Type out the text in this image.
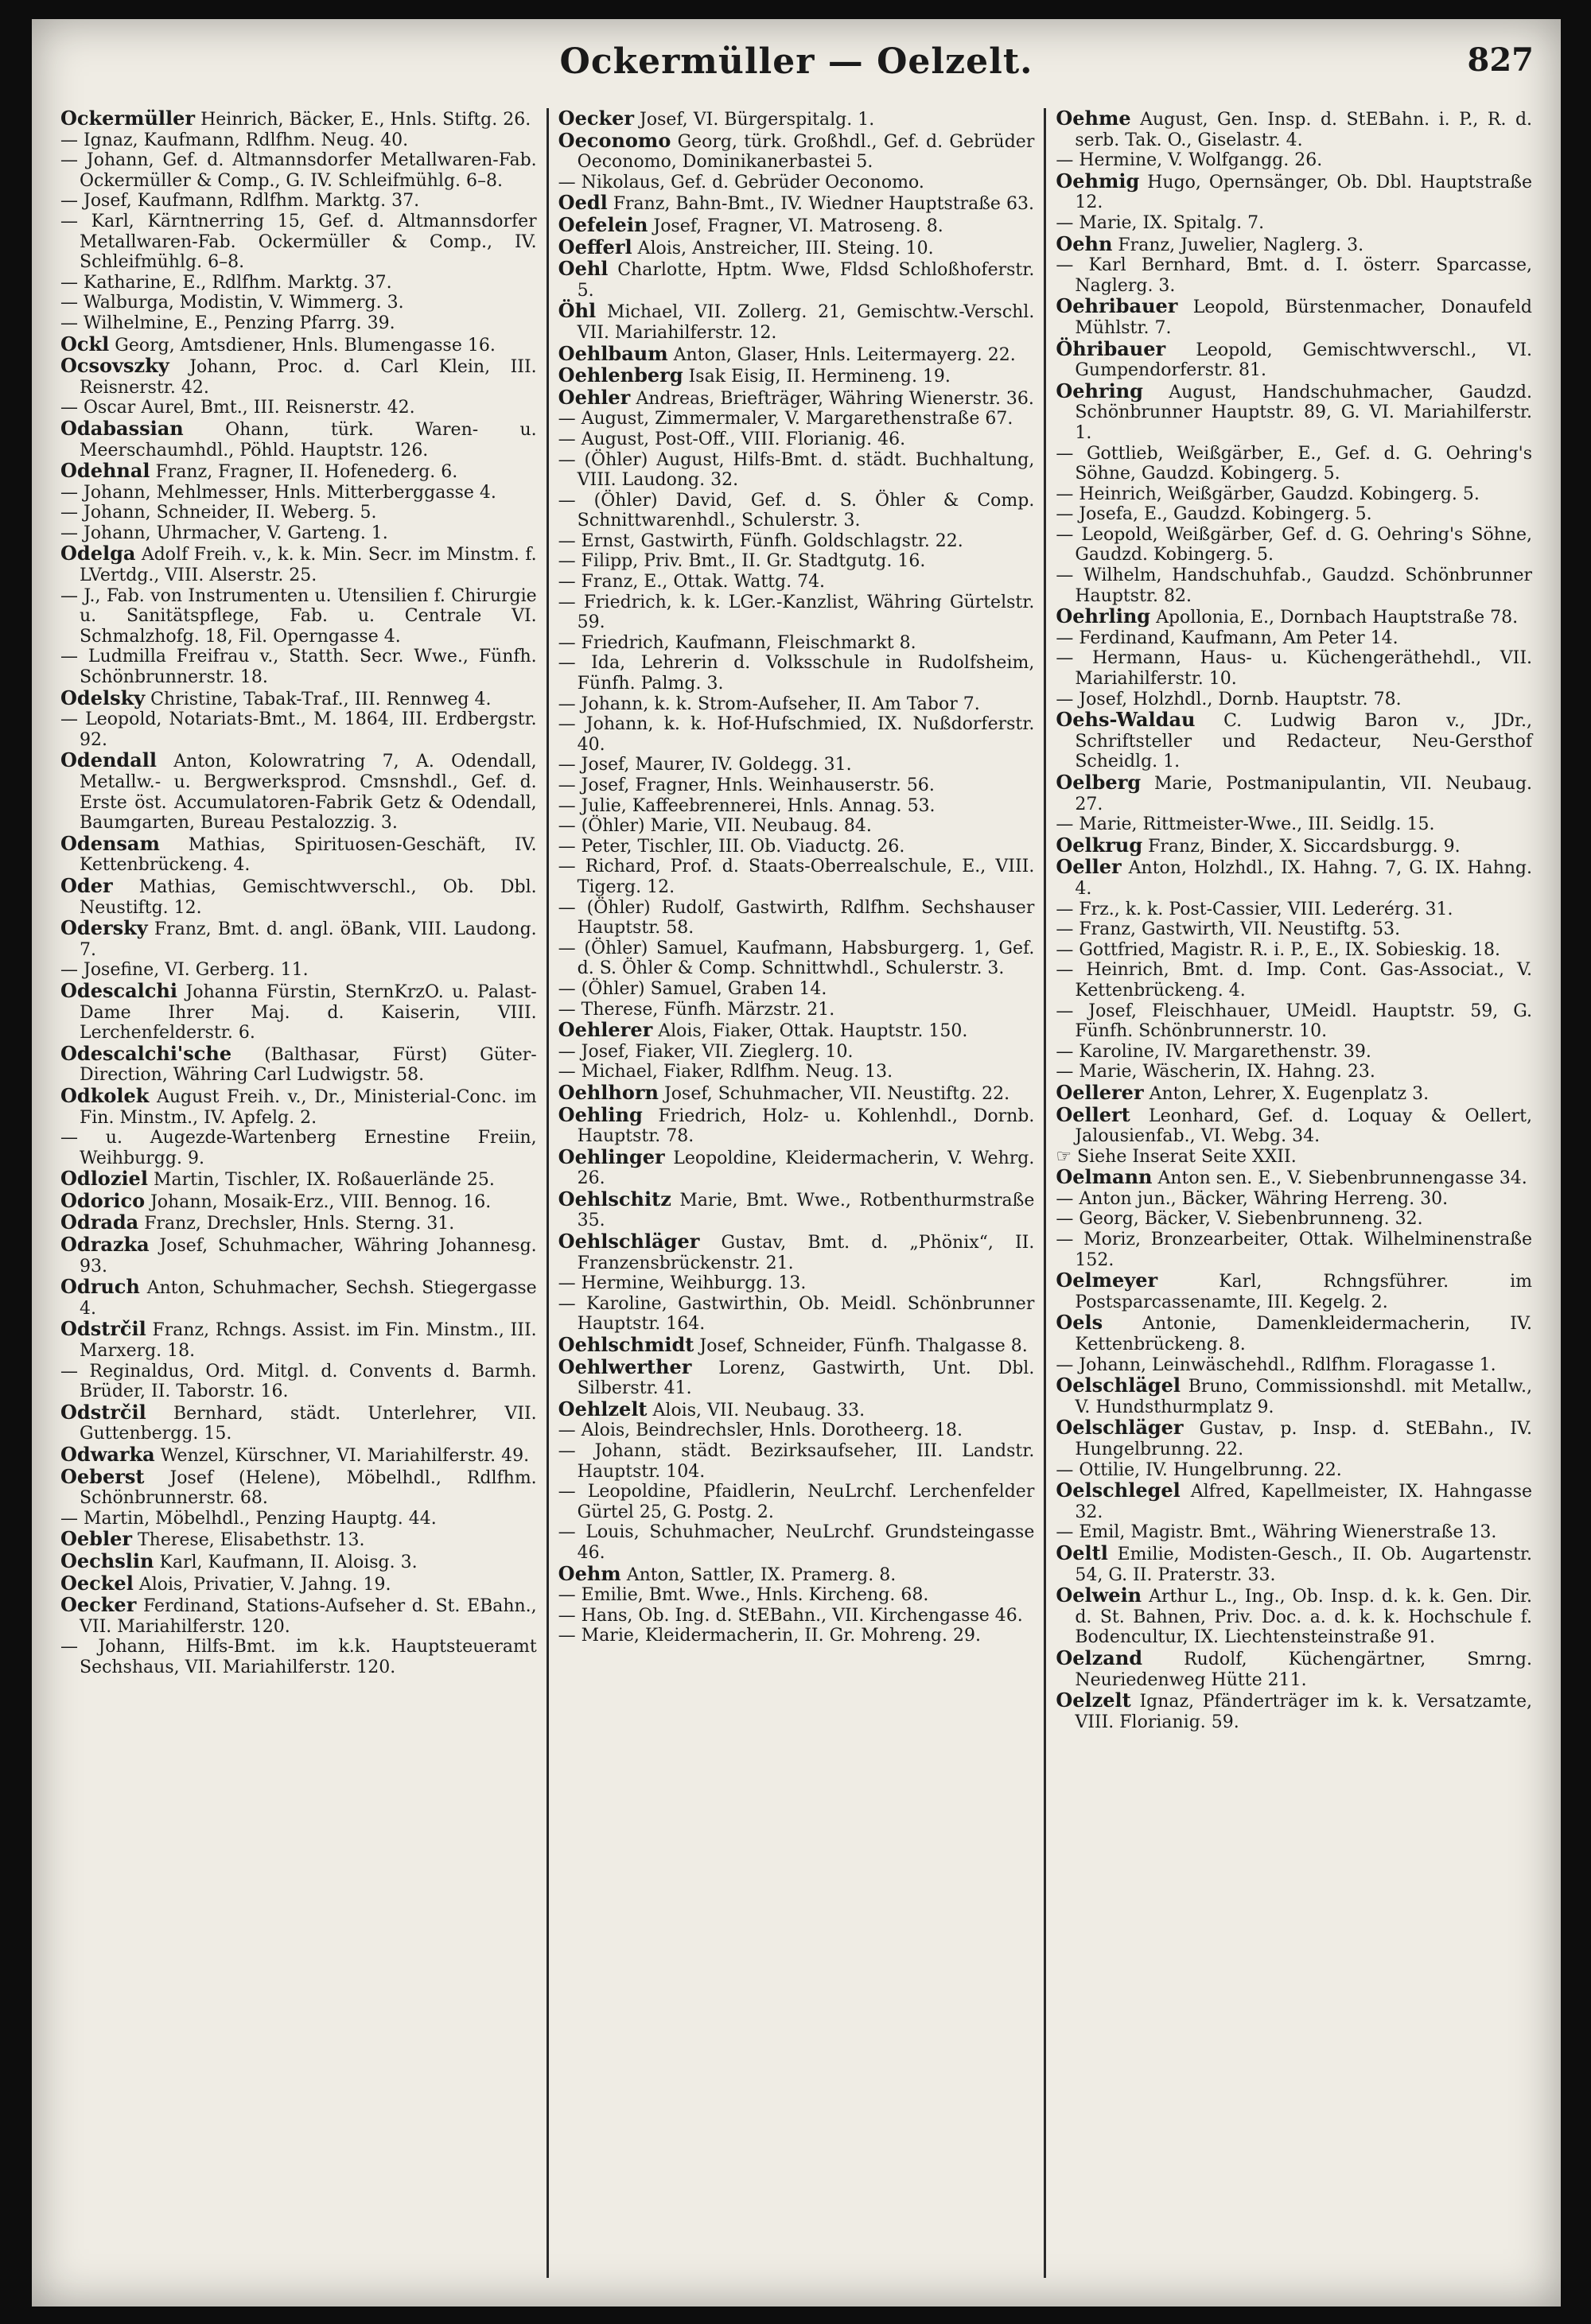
Ockermüller — Oelzelt.	827
Ockermüller Heinrich, Bäcker, E., Hnls. Stiftg. 26.
— Ignaz, Kaufmann, Rdlfhm. Neug. 40.
— Johann, Gef. d. Altmannsdorfer Metallwaren-Fab. Ockermüller & Comp., G. IV. Schleifmühlg. 6–8.
— Josef, Kaufmann, Rdlfhm. Marktg. 37.
— Karl, Kärntnerring 15, Gef. d. Altmannsdorfer Metallwaren-Fab. Ockermüller & Comp., IV. Schleifmühlg. 6–8.
— Katharine, E., Rdlfhm. Marktg. 37.
— Walburga, Modistin, V. Wimmerg. 3.
— Wilhelmine, E., Penzing Pfarrg. 39.
Ockl Georg, Amtsdiener, Hnls. Blumengasse 16.
Ocsovszky Johann, Proc. d. Carl Klein, III. Reisnerstr. 42.
— Oscar Aurel, Bmt., III. Reisnerstr. 42.
Odabassian Ohann, türk. Waren- u. Meerschaumhdl., Pöhld. Hauptstr. 126.
Odehnal Franz, Fragner, II. Hofenederg. 6.
— Johann, Mehlmesser, Hnls. Mitterberggasse 4.
— Johann, Schneider, II. Weberg. 5.
— Johann, Uhrmacher, V. Garteng. 1.
Odelga Adolf Freih. v., k. k. Min. Secr. im Minstm. f. LVertdg., VIII. Alserstr. 25.
— J., Fab. von Instrumenten u. Utensilien f. Chirurgie u. Sanitätspflege, Fab. u. Centrale VI. Schmalzhofg. 18, Fil. Operngasse 4.
— Ludmilla Freifrau v., Statth. Secr. Wwe., Fünfh. Schönbrunnerstr. 18.
Odelsky Christine, Tabak-Traf., III. Rennweg 4.
— Leopold, Notariats-Bmt., M. 1864, III. Erdbergstr. 92.
Odendall Anton, Kolowratring 7, A. Odendall, Metallw.- u. Bergwerksprod. Cmsnshdl., Gef. d. Erste öst. Accumulatoren-Fabrik Getz & Odendall, Baumgarten, Bureau Pestalozzig. 3.
Odensam Mathias, Spirituosen-Geschäft, IV. Kettenbrückeng. 4.
Oder Mathias, Gemischtwverschl., Ob. Dbl. Neustiftg. 12.
Odersky Franz, Bmt. d. angl. öBank, VIII. Laudong. 7.
— Josefine, VI. Gerberg. 11.
Odescalchi Johanna Fürstin, SternKrzO. u. Palast-Dame Ihrer Maj. d. Kaiserin, VIII. Lerchenfelderstr. 6.
Odescalchi'sche (Balthasar, Fürst) Güter-Direction, Währing Carl Ludwigstr. 58.
Odkolek August Freih. v., Dr., Ministerial-Conc. im Fin. Minstm., IV. Apfelg. 2.
— u. Augezde-Wartenberg Ernestine Freiin, Weihburgg. 9.
Odloziel Martin, Tischler, IX. Roßauerlände 25.
Odorico Johann, Mosaik-Erz., VIII. Bennog. 16.
Odrada Franz, Drechsler, Hnls. Sterng. 31.
Odrazka Josef, Schuhmacher, Währing Johannesg. 93.
Odruch Anton, Schuhmacher, Sechsh. Stiegergasse 4.
Odstrčil Franz, Rchngs. Assist. im Fin. Minstm., III. Marxerg. 18.
— Reginaldus, Ord. Mitgl. d. Convents d. Barmh. Brüder, II. Taborstr. 16.
Odstrčil Bernhard, städt. Unterlehrer, VII. Guttenbergg. 15.
Odwarka Wenzel, Kürschner, VI. Mariahilferstr. 49.
Oeberst Josef (Helene), Möbelhdl., Rdlfhm. Schönbrunnerstr. 68.
— Martin, Möbelhdl., Penzing Hauptg. 44.
Oebler Therese, Elisabethstr. 13.
Oechslin Karl, Kaufmann, II. Aloisg. 3.
Oeckel Alois, Privatier, V. Jahng. 19.
Oecker Ferdinand, Stations-Aufseher d. St. EBahn., VII. Mariahilferstr. 120.
— Johann, Hilfs-Bmt. im k.k. Hauptsteueramt Sechshaus, VII. Mariahilferstr. 120.
Oecker Josef, VI. Bürgerspitalg. 1.
Oeconomo Georg, türk. Großhdl., Gef. d. Gebrüder Oeconomo, Dominikanerbastei 5.
— Nikolaus, Gef. d. Gebrüder Oeconomo.
Oedl Franz, Bahn-Bmt., IV. Wiedner Hauptstraße 63.
Oefelein Josef, Fragner, VI. Matroseng. 8.
Oefferl Alois, Anstreicher, III. Steing. 10.
Oehl Charlotte, Hptm. Wwe, Fldsd Schloßhoferstr. 5.
Öhl Michael, VII. Zollerg. 21, Gemischtw.-Verschl. VII. Mariahilferstr. 12.
Oehlbaum Anton, Glaser, Hnls. Leitermayerg. 22.
Oehlenberg Isak Eisig, II. Hermineng. 19.
Oehler Andreas, Briefträger, Währing Wienerstr. 36.
— August, Zimmermaler, V. Margarethenstraße 67.
— August, Post-Off., VIII. Florianig. 46.
— (Öhler) August, Hilfs-Bmt. d. städt. Buchhaltung, VIII. Laudong. 32.
— (Öhler) David, Gef. d. S. Öhler & Comp. Schnittwarenhdl., Schulerstr. 3.
— Ernst, Gastwirth, Fünfh. Goldschlagstr. 22.
— Filipp, Priv. Bmt., II. Gr. Stadtgutg. 16.
— Franz, E., Ottak. Wattg. 74.
— Friedrich, k. k. LGer.-Kanzlist, Währing Gürtelstr. 59.
— Friedrich, Kaufmann, Fleischmarkt 8.
— Ida, Lehrerin d. Volksschule in Rudolfsheim, Fünfh. Palmg. 3.
— Johann, k. k. Strom-Aufseher, II. Am Tabor 7.
— Johann, k. k. Hof-Hufschmied, IX. Nußdorferstr. 40.
— Josef, Maurer, IV. Goldegg. 31.
— Josef, Fragner, Hnls. Weinhauserstr. 56.
— Julie, Kaffeebrennerei, Hnls. Annag. 53.
— (Öhler) Marie, VII. Neubaug. 84.
— Peter, Tischler, III. Ob. Viaductg. 26.
— Richard, Prof. d. Staats-Oberrealschule, E., VIII. Tigerg. 12.
— (Öhler) Rudolf, Gastwirth, Rdlfhm. Sechshauser Hauptstr. 58.
— (Öhler) Samuel, Kaufmann, Habsburgerg. 1, Gef. d. S. Öhler & Comp. Schnittwhdl., Schulerstr. 3.
— (Öhler) Samuel, Graben 14.
— Therese, Fünfh. Märzstr. 21.
Oehlerer Alois, Fiaker, Ottak. Hauptstr. 150.
— Josef, Fiaker, VII. Zieglerg. 10.
— Michael, Fiaker, Rdlfhm. Neug. 13.
Oehlhorn Josef, Schuhmacher, VII. Neustiftg. 22.
Oehling Friedrich, Holz- u. Kohlenhdl., Dornb. Hauptstr. 78.
Oehlinger Leopoldine, Kleidermacherin, V. Wehrg. 26.
Oehlschitz Marie, Bmt. Wwe., Rotbenthurmstraße 35.
Oehlschläger Gustav, Bmt. d. „Phönix“, II. Franzensbrückenstr. 21.
— Hermine, Weihburgg. 13.
— Karoline, Gastwirthin, Ob. Meidl. Schönbrunner Hauptstr. 164.
Oehlschmidt Josef, Schneider, Fünfh. Thalgasse 8.
Oehlwerther Lorenz, Gastwirth, Unt. Dbl. Silberstr. 41.
Oehlzelt Alois, VII. Neubaug. 33.
— Alois, Beindrechsler, Hnls. Dorotheerg. 18.
— Johann, städt. Bezirksaufseher, III. Landstr. Hauptstr. 104.
— Leopoldine, Pfaidlerin, NeuLrchf. Lerchenfelder Gürtel 25, G. Postg. 2.
— Louis, Schuhmacher, NeuLrchf. Grundsteingasse 46.
Oehm Anton, Sattler, IX. Pramerg. 8.
— Emilie, Bmt. Wwe., Hnls. Kircheng. 68.
— Hans, Ob. Ing. d. StEBahn., VII. Kirchengasse 46.
— Marie, Kleidermacherin, II. Gr. Mohreng. 29.
Oehme August, Gen. Insp. d. StEBahn. i. P., R. d. serb. Tak. O., Giselastr. 4.
— Hermine, V. Wolfgangg. 26.
Oehmig Hugo, Opernsänger, Ob. Dbl. Hauptstraße 12.
— Marie, IX. Spitalg. 7.
Oehn Franz, Juwelier, Naglerg. 3.
— Karl Bernhard, Bmt. d. I. österr. Sparcasse, Naglerg. 3.
Oehribauer Leopold, Bürstenmacher, Donaufeld Mühlstr. 7.
Öhribauer Leopold, Gemischtwverschl., VI. Gumpendorferstr. 81.
Oehring August, Handschuhmacher, Gaudzd. Schönbrunner Hauptstr. 89, G. VI. Mariahilferstr. 1.
— Gottlieb, Weißgärber, E., Gef. d. G. Oehring's Söhne, Gaudzd. Kobingerg. 5.
— Heinrich, Weißgärber, Gaudzd. Kobingerg. 5.
— Josefa, E., Gaudzd. Kobingerg. 5.
— Leopold, Weißgärber, Gef. d. G. Oehring's Söhne, Gaudzd. Kobingerg. 5.
— Wilhelm, Handschuhfab., Gaudzd. Schönbrunner Hauptstr. 82.
Oehrling Apollonia, E., Dornbach Hauptstraße 78.
— Ferdinand, Kaufmann, Am Peter 14.
— Hermann, Haus- u. Küchengeräthehdl., VII. Mariahilferstr. 10.
— Josef, Holzhdl., Dornb. Hauptstr. 78.
Oehs-Waldau C. Ludwig Baron v., JDr., Schriftsteller und Redacteur, Neu-Gersthof Scheidlg. 1.
Oelberg Marie, Postmanipulantin, VII. Neubaug. 27.
— Marie, Rittmeister-Wwe., III. Seidlg. 15.
Oelkrug Franz, Binder, X. Siccardsburgg. 9.
Oeller Anton, Holzhdl., IX. Hahng. 7, G. IX. Hahng. 4.
— Frz., k. k. Post-Cassier, VIII. Lederérg. 31.
— Franz, Gastwirth, VII. Neustiftg. 53.
— Gottfried, Magistr. R. i. P., E., IX. Sobieskig. 18.
— Heinrich, Bmt. d. Imp. Cont. Gas-Associat., V. Kettenbrückeng. 4.
— Josef, Fleischhauer, UMeidl. Hauptstr. 59, G. Fünfh. Schönbrunnerstr. 10.
— Karoline, IV. Margarethenstr. 39.
— Marie, Wäscherin, IX. Hahng. 23.
Oellerer Anton, Lehrer, X. Eugenplatz 3.
Oellert Leonhard, Gef. d. Loquay & Oellert, Jalousienfab., VI. Webg. 34.
☞ Siehe Inserat Seite XXII.
Oelmann Anton sen. E., V. Siebenbrunnengasse 34.
— Anton jun., Bäcker, Währing Herreng. 30.
— Georg, Bäcker, V. Siebenbrunneng. 32.
— Moriz, Bronzearbeiter, Ottak. Wilhelminenstraße 152.
Oelmeyer	Karl, Rchngsführer. im Postsparcassenamte, III. Kegelg. 2.
Oels Antonie, Damenkleidermacherin, IV. Kettenbrückeng. 8.
— Johann, Leinwäschehdl., Rdlfhm. Floragasse 1.
Oelschlägel Bruno, Commissionshdl. mit Metallw., V. Hundsthurmplatz 9.
Oelschläger Gustav, p. Insp. d. StEBahn., IV. Hungelbrunng. 22.
— Ottilie, IV. Hungelbrunng. 22.
Oelschlegel Alfred, Kapellmeister, IX. Hahngasse 32.
— Emil, Magistr. Bmt., Währing Wienerstraße 13.
Oeltl Emilie, Modisten-Gesch., II. Ob. Augartenstr. 54, G. II. Praterstr. 33.
Oelwein Arthur L., Ing., Ob. Insp. d. k. k. Gen. Dir. d. St. Bahnen, Priv. Doc. a. d. k. k. Hochschule f. Bodencultur, IX. Liechtensteinstraße 91.
Oelzand Rudolf, Küchengärtner, Smrng. Neuriedenweg Hütte 211.
Oelzelt Ignaz, Pfänderträger im k. k. Versatzamte, VIII. Florianig. 59.
